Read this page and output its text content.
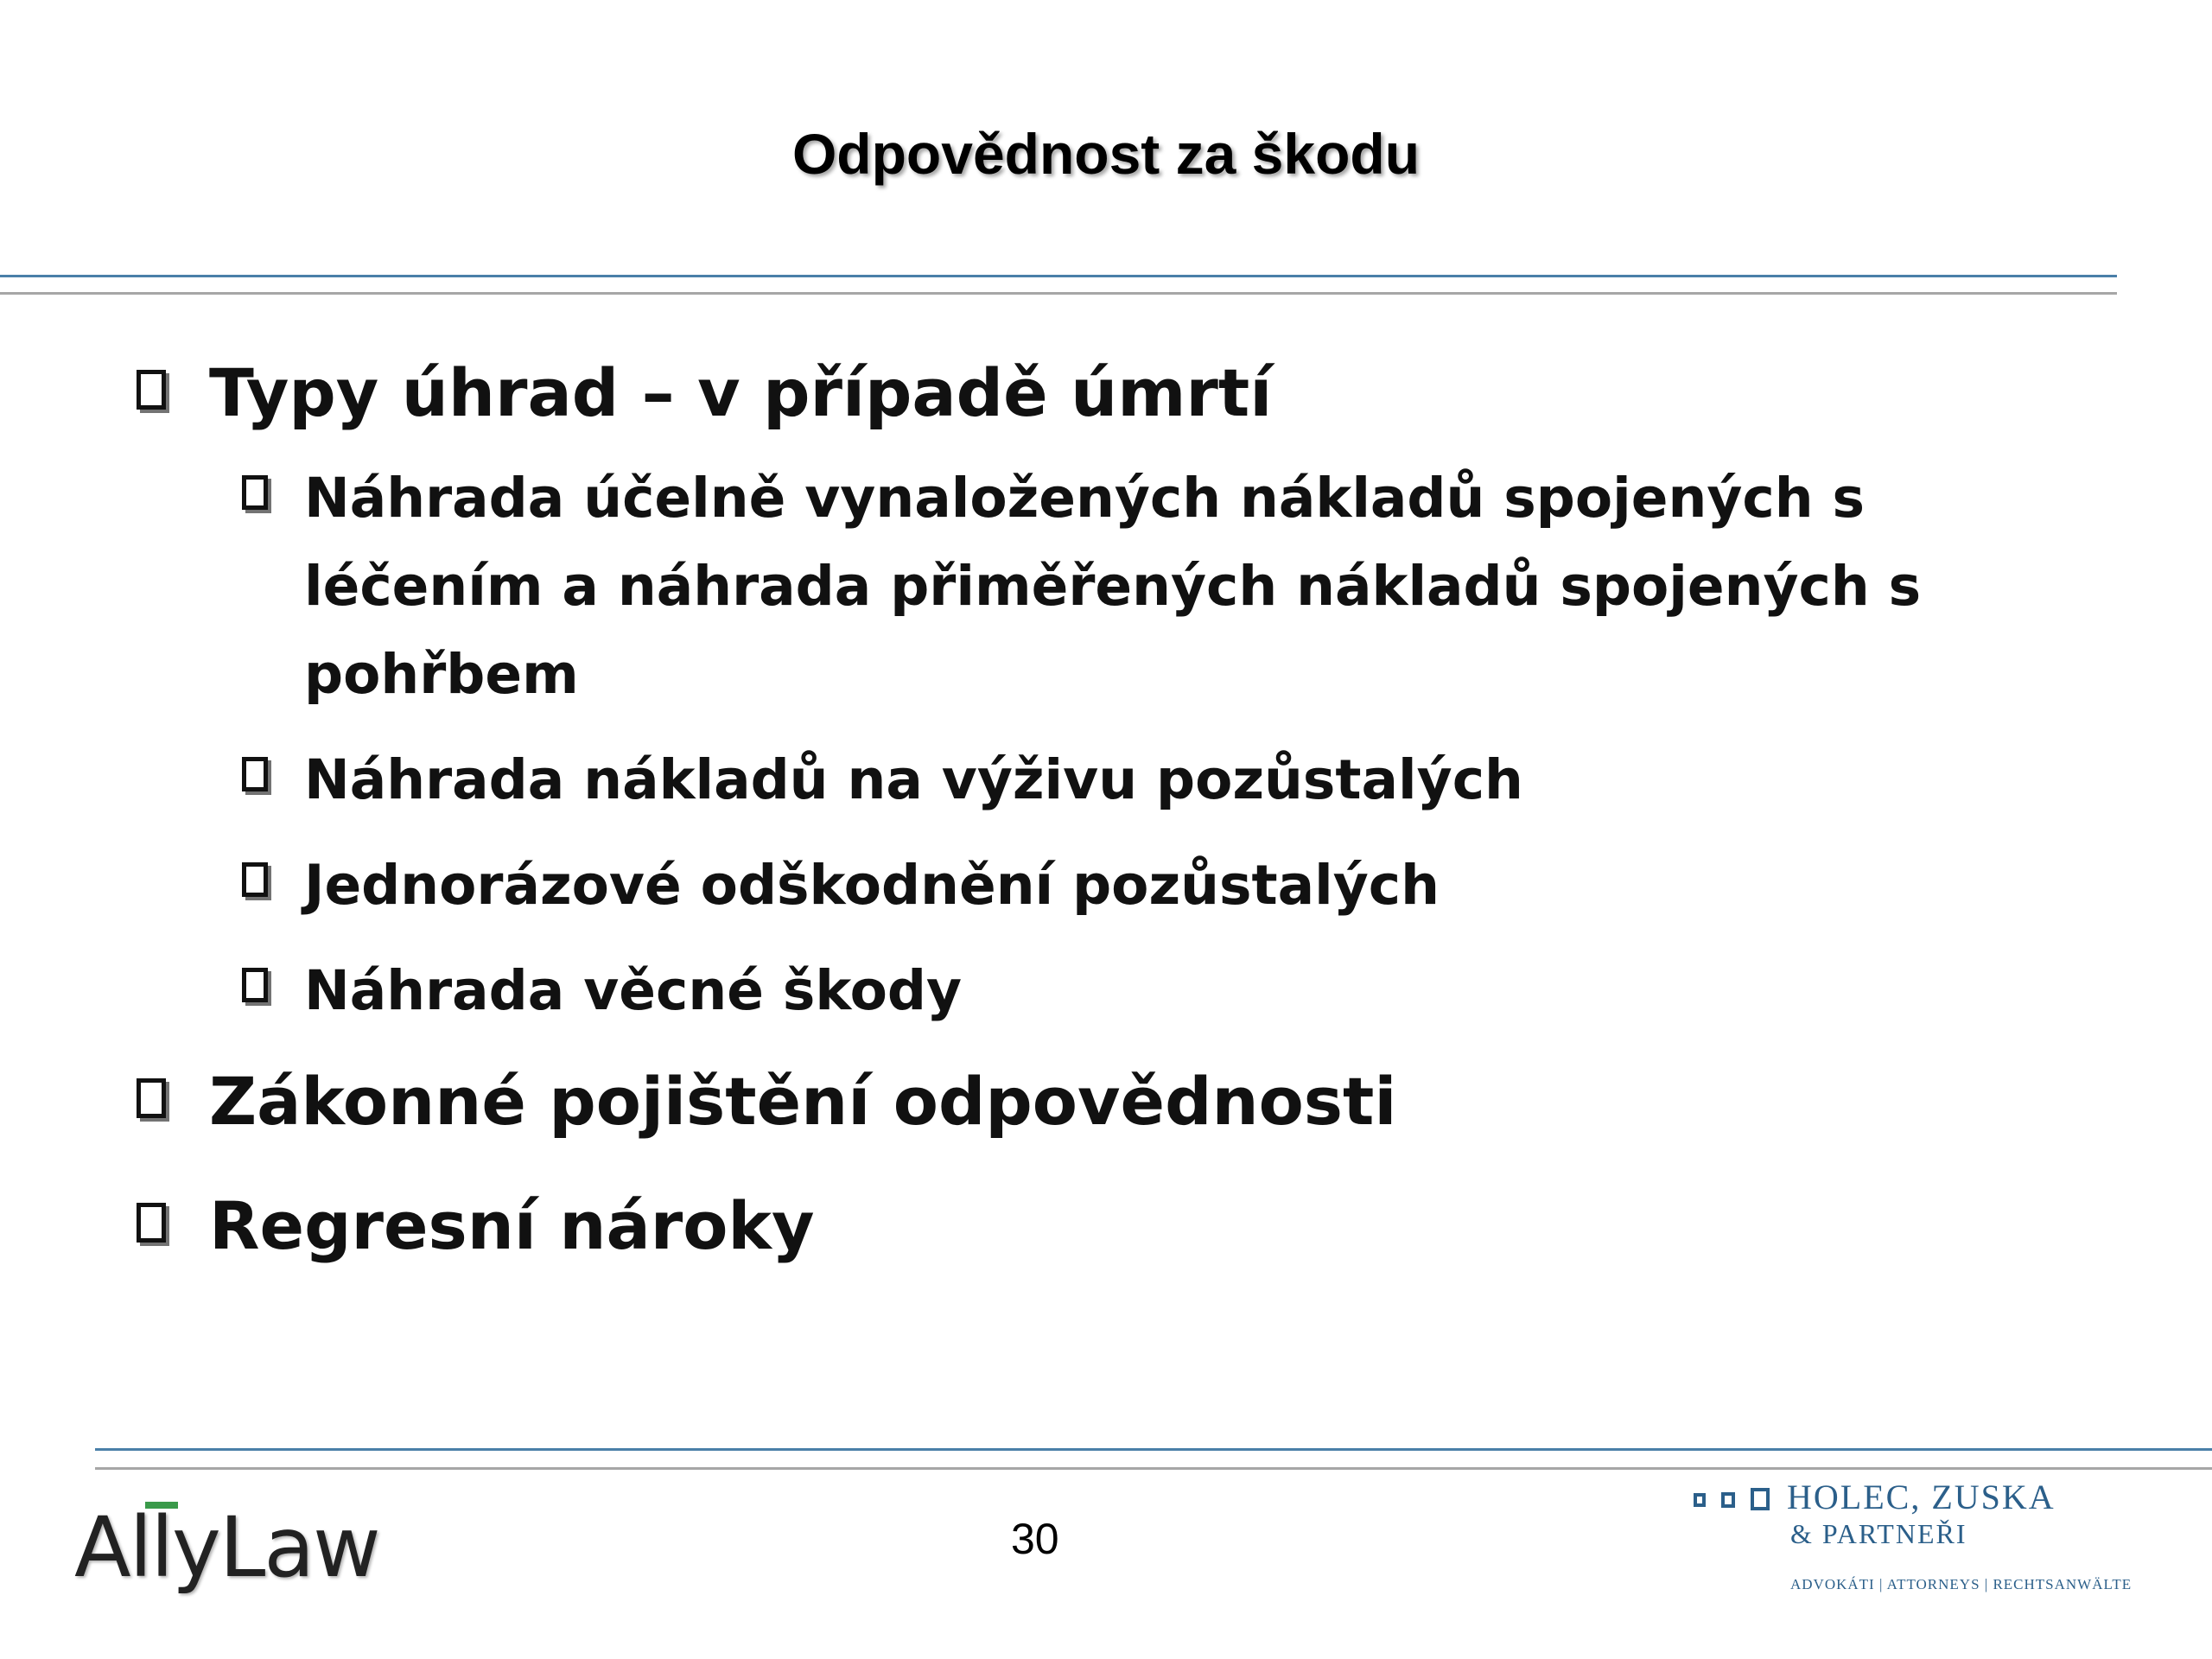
Odpovědnost za škodu
Typy úhrad – v případě úmrtí
Náhrada účelně vynaložených nákladů spojených s léčením a náhrada přiměřených nákladů spojených s pohřbem
Náhrada nákladů na výživu pozůstalých
Jednorázové odškodnění pozůstalých
Náhrada věcné škody
Zákonné pojištění odpovědnosti
Regresní nároky
AllyLaw	30
HOLEC, ZUSKA
& PARTNEŘI
ADVOKÁTI | ATTORNEYS | RECHTSANWÄLTE
